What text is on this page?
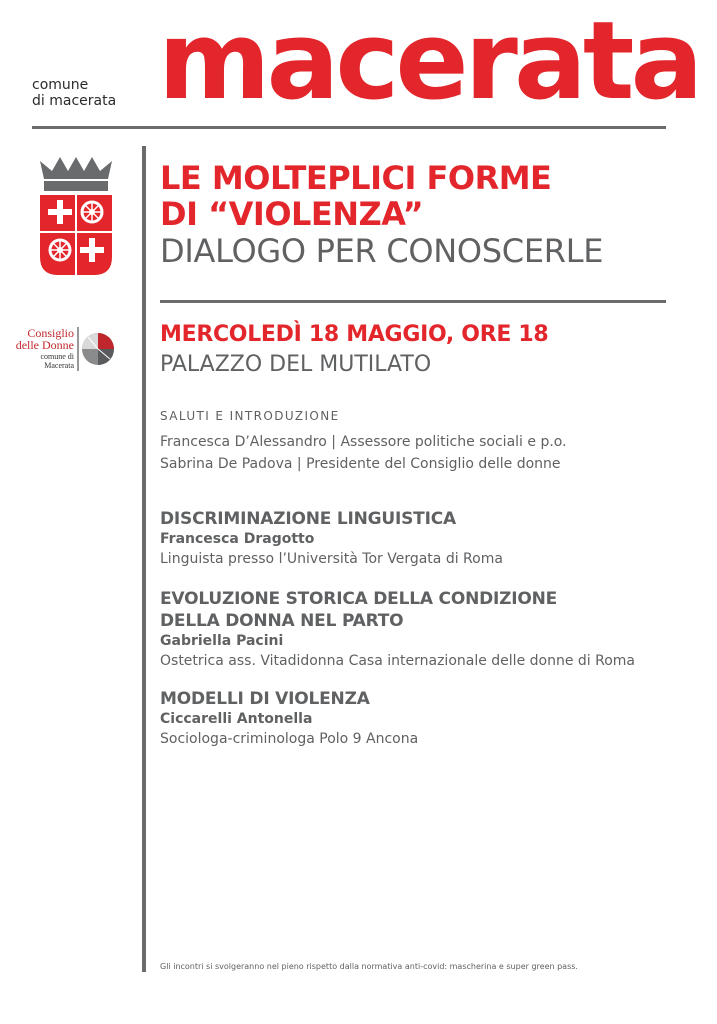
comune
di macerata macerata
Consiglio
delle Donne
comune di
Macerata
LE MOLTEPLICI FORME
DI “VIOLENZA”
DIALOGO PER CONOSCERLE
MERCOLEDÌ 18 MAGGIO, ORE 18
PALAZZO DEL MUTILATO
SALUTI E INTRODUZIONE
Francesca D’Alessandro | Assessore politiche sociali e p.o.
Sabrina De Padova | Presidente del Consiglio delle donne
DISCRIMINAZIONE LINGUISTICA
Francesca Dragotto
Linguista presso l’Università Tor Vergata di Roma
EVOLUZIONE STORICA DELLA CONDIZIONE
DELLA DONNA NEL PARTO
Gabriella Pacini
Ostetrica ass. Vitadidonna Casa internazionale delle donne di Roma
MODELLI DI VIOLENZA
Ciccarelli Antonella
Sociologa-criminologa Polo 9 Ancona
Gli incontri si svolgeranno nel pieno rispetto dalla normativa anti-covid: mascherina e super green pass.
